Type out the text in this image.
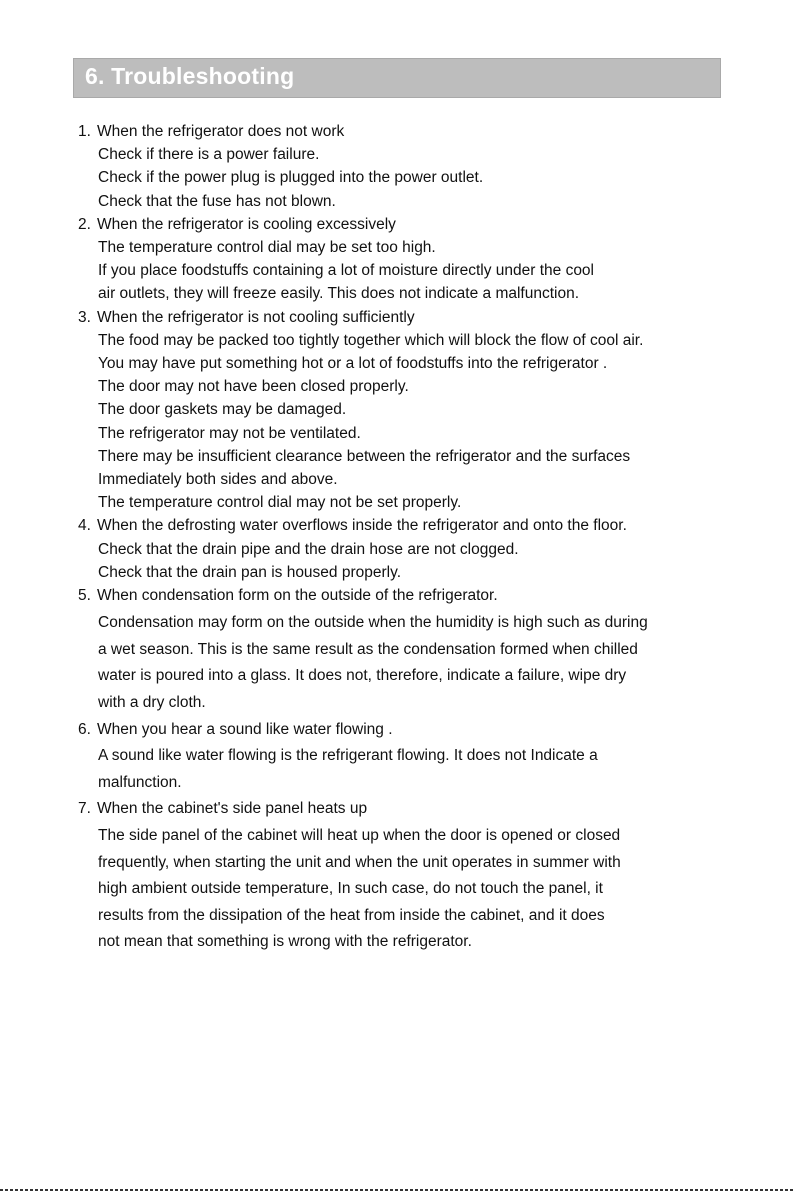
6. Troubleshooting

1. When the refrigerator does not work

Check if there is a power failure.

Check if the power plug is plugged into the power outlet.

Check that the fuse has not blown.

2. When the refrigerator is cooling excessively

The temperature control dial may be set too high.

If you place foodstuffs containing a lot of moisture directly under the cool

air outlets, they will freeze easily. This does not indicate a malfunction.

3. When the refrigerator is not cooling sufficiently

The food may be packed too tightly together which will block the flow of cool air.

You may have put something hot or a lot of foodstuffs into the refrigerator .

The door may not have been closed properly.

The door gaskets may be damaged.

The refrigerator may not be ventilated.

There may be insufficient clearance between the refrigerator and the surfaces

Immediately both sides and above.

The temperature control dial may not be set properly.

4. When the defrosting water overflows inside the refrigerator and onto the floor.

Check that the drain pipe and the drain hose are not clogged.

Check that the drain pan is housed properly.

5. When condensation form on the outside of the refrigerator.

Condensation may form on the outside when the humidity is high such as during

a wet season. This is the same result as the condensation formed when chilled

water is poured into a glass. It does not, therefore, indicate a failure, wipe dry

with a dry cloth.

6. When you hear a sound like water flowing .

A sound like water flowing is the refrigerant flowing. It does not Indicate a

malfunction.

7. When the cabinet's side panel heats up

The side panel of the cabinet will heat up when the door is opened or closed

frequently, when starting the unit and when the unit operates in summer with

high ambient outside temperature, In such case, do not touch the panel, it

results from the dissipation of the heat from inside the cabinet, and it does

not mean that something is wrong with the refrigerator.
